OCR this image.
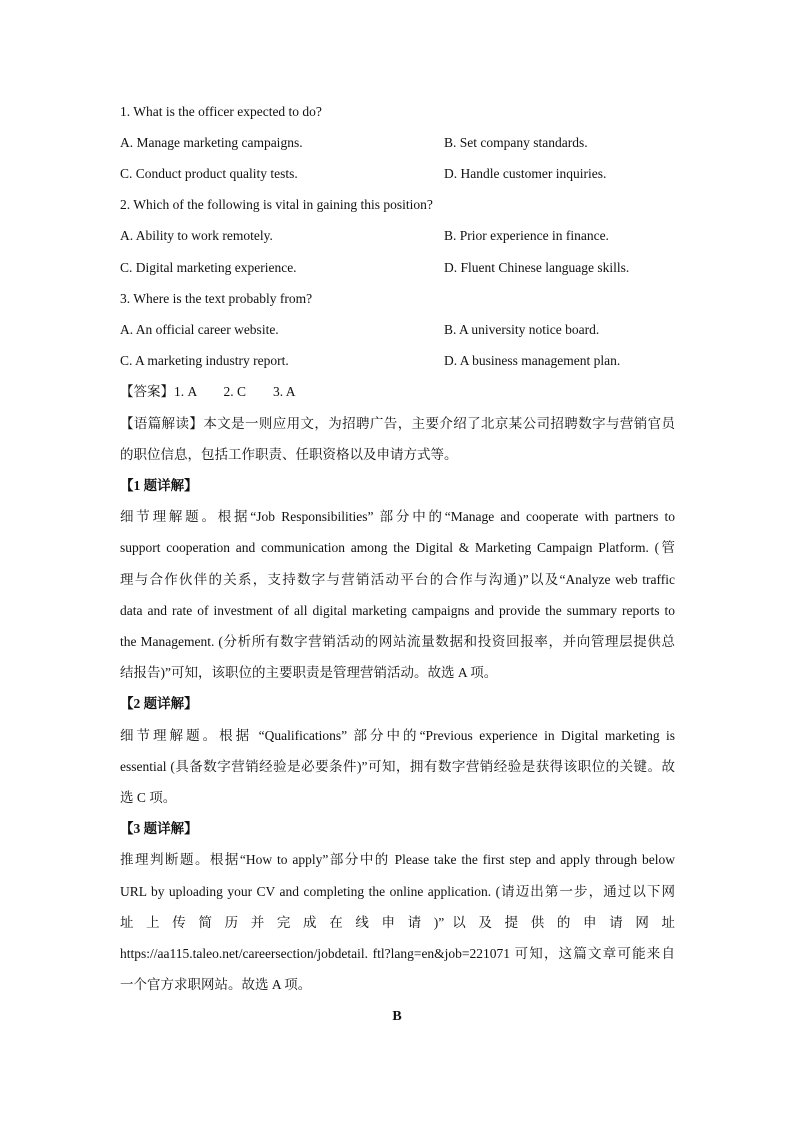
1. What is the officer expected to do?
A. Manage marketing campaigns.	B. Set company standards.
C. Conduct product quality tests.	D. Handle customer inquiries.
2. Which of the following is vital in gaining this position?
A. Ability to work remotely.	B. Prior experience in finance.
C. Digital marketing experience.	D. Fluent Chinese language skills.
3. Where is the text probably from?
A. An official career website.	B. A university notice board.
C. A marketing industry report.	D. A business management plan.
【答案】1. A        2. C        3. A
【语篇解读】本文是一则应用文，为招聘广告，主要介绍了北京某公司招聘数字与营销官员
的职位信息，包括工作职责、任职资格以及申请方式等。
【1 题详解】
细节理解题。根据“Job Responsibilities” 部分中的“Manage and cooperate with partners to
support cooperation and communication among the Digital & Marketing Campaign Platform. (管
理与合作伙伴的关系，支持数字与营销活动平台的合作与沟通)”以及“Analyze web traffic
data and rate of investment of all digital marketing campaigns and provide the summary reports to
the Management. (分析所有数字营销活动的网站流量数据和投资回报率，并向管理层提供总
结报告)”可知，该职位的主要职责是管理营销活动。故选 A 项。
【2 题详解】
细节理解题。根据 “Qualifications” 部分中的“Previous experience in Digital marketing is
essential (具备数字营销经验是必要条件)”可知，拥有数字营销经验是获得该职位的关键。故
选 C 项。
【3 题详解】
推理判断题。根据“How to apply”部分中的 Please take the first step and apply through below
URL by uploading your CV and completing the online application. (请迈出第一步，通过以下网
址 上 传 简 历 并 完 成 在 线 申 请 )” 以 及 提 供 的 申 请 网 址
https://aa115.taleo.net/careersection/jobdetail. ftl?lang=en&job=221071 可知，这篇文章可能来自
一个官方求职网站。故选 A 项。
B
